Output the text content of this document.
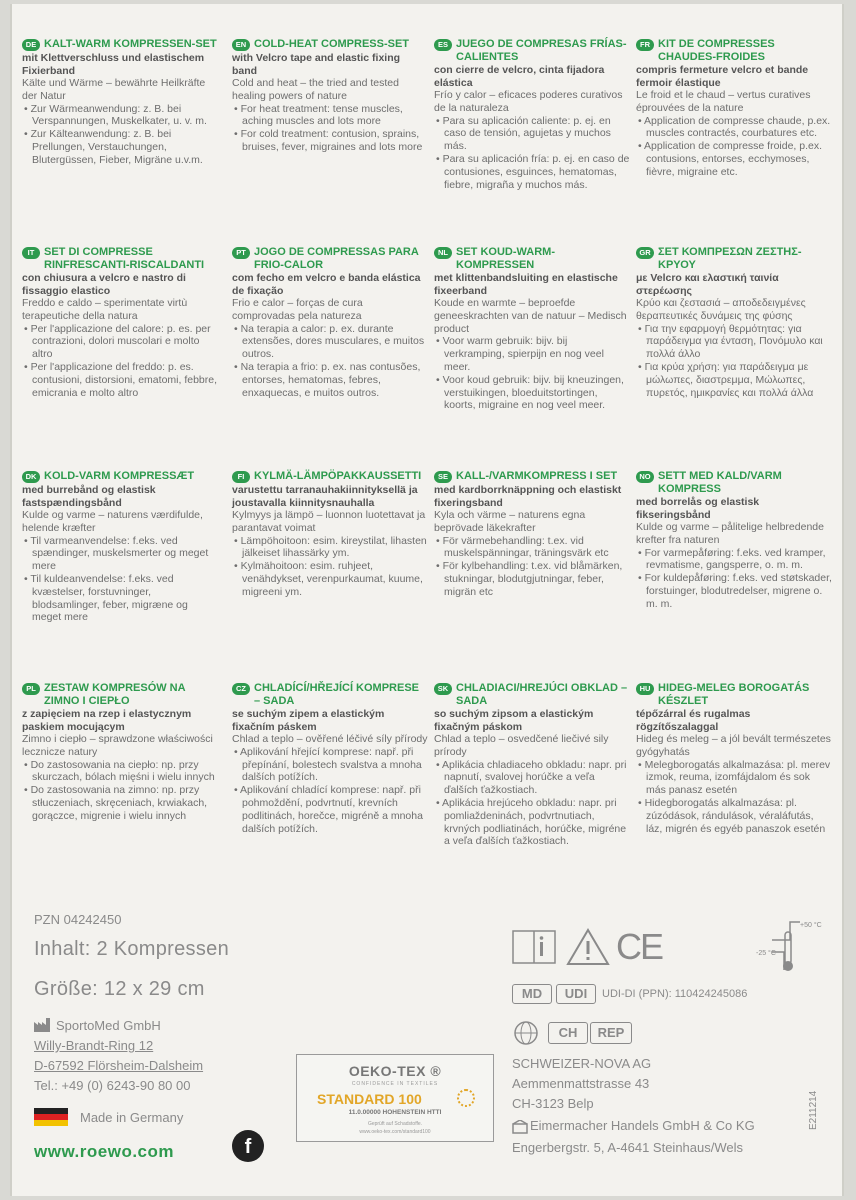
DE KALT-WARM KOMPRESSEN-SET
mit Klettverschluss und elastischem Fixierband
Kälte und Wärme – bewährte Heilkräfte der Natur
• Zur Wärmeanwendung: z. B. bei Verspannungen, Muskelkater, u. v. m.
• Zur Kälteanwendung: z. B. bei Prellungen, Verstauchungen, Blutergüssen, Fieber, Migräne u.v.m.
EN COLD-HEAT COMPRESS-SET
with Velcro tape and elastic fixing band
Cold and heat – the tried and tested healing powers of nature
• For heat treatment: tense muscles, aching muscles and lots more
• For cold treatment: contusion, sprains, bruises, fever, migraines and lots more
ES JUEGO DE COMPRESAS FRÍAS-CALIENTES
con cierre de velcro, cinta fijadora elástica
Frío y calor – eficaces poderes curativos de la naturaleza
• Para su aplicación caliente: p. ej. en caso de tensión, agujetas y muchos más.
• Para su aplicación fría: p. ej. en caso de contusiones, esguinces, hematomas, fiebre, migraña y muchos más.
FR KIT DE COMPRESSES CHAUDES-FROIDES
compris fermeture velcro et bande fermoir élastique
Le froid et le chaud – vertus curatives éprouvées de la nature
• Application de compresse chaude, p.ex. muscles contractés, courbatures etc.
• Application de compresse froide, p.ex. contusions, entorses, ecchymoses, fièvre, migraine etc.
IT SET DI COMPRESSE RINFRESCANTI-RISCALDANTI
con chiusura a velcro e nastro di fissaggio elastico
Freddo e caldo – sperimentate virtù terapeutiche della natura
• Per l'applicazione del calore: p. es. per contrazioni, dolori muscolari e molto altro
• Per l'applicazione del freddo: p. es. contusioni, distorsioni, ematomi, febbre, emicrania e molto altro
PT JOGO DE COMPRESSAS PARA FRIO-CALOR
com fecho em velcro e banda elástica de fixação
Frio e calor – forças de cura comprovadas pela natureza
• Na terapia a calor: p. ex. durante extensões, dores musculares, e muitos outros.
• Na terapia a frio: p. ex. nas contusões, entorses, hematomas, febres, enxaquecas, e muitos outros.
NL SET KOUD-WARM-KOMPRESSEN
met klittenbandsluiting en elastische fixeerband
Koude en warmte – beproefde geneeskrachten van de natuur – Medisch product
• Voor warm gebruik: bijv. bij verkramping, spierpijn en nog veel meer.
• Voor koud gebruik: bijv. bij kneuzingen, verstuikingen, bloeduitstortingen, koorts, migraine en nog veel meer.
GR ΣΕΤ ΚΟΜΠΡΕΣΩΝ ΖΕΣΤΗΣ-ΚΡΥΟΥ
με Velcro και ελαστική ταινία στερέωσης
Κρύο και ζεστασιά – αποδεδειγμένες θεραπευτικές δυνάμεις της φύσης
• Για την εφαρμογή θερμότητας: για παράδειγμα για ένταση, Πονόμυλο και πολλά άλλο
• Για κρύα χρήση: για παράδειγμα με μώλωπες, διαστρεμμα, Μώλωπες, πυρετός, ημικρανίες και πολλά άλλα
DK KOLD-VARM KOMPRESSÆT
med burrebånd og elastisk fastspændingsbånd
Kulde og varme – naturens værdifulde, helende kræfter
• Til varmeanvendelse: f.eks. ved spændinger, muskelsmerter og meget mere
• Til kuldeanvendelse: f.eks. ved kvæstelser, forstuvninger, blodsamlinger, feber, migræne og meget mere
FI KYLMÄ-LÄMPÖPAKKAUSSETTI
varustettu tarranauhakiinnityksellä ja joustavalla kiinnitysnauhalla
Kylmyys ja lämpö – luonnon luotettavat ja parantavat voimat
• Lämpöhoitoon: esim. kireystilat, lihasten jälkeiset lihassärky ym.
• Kylmähoitoon: esim. ruhjeet, venähdykset, verenpurkaumat, kuume, migreeni ym.
SE KALL-/VARMKOMPRESS I SET
med kardborrknäppning och elastiskt fixeringsband
Kyla och värme – naturens egna beprövade läkekrafter
• För värmebehandling: t.ex. vid muskelspänningar, träningsvärk etc
• För kylbehandling: t.ex. vid blåmärken, stukningar, blodutgjutningar, feber, migrän etc
NO SETT MED KALD/VARM KOMPRESS
med borrelås og elastisk fikseringsbånd
Kulde og varme – pålitelige helbredende krefter fra naturen
• For varmepåføring: f.eks. ved kramper, revmatisme, gangsperre, o. m. m.
• For kuldepåføring: f.eks. ved støtskader, forstuinger, blodutredelser, migrene o. m. m.
PL ZESTAW KOMPRESÓW NA ZIMNO I CIEPŁO
z zapięciem na rzep i elastycznym paskiem mocującym
Zimno i ciepło – sprawdzone właściwości lecznicze natury
• Do zastosowania na ciepło: np. przy skurczach, bólach mięśni i wielu innych
• Do zastosowania na zimno: np. przy stłuczeniach, skręceniach, krwiakach, gorączce, migrenie i wielu innych
CZ CHLADÍCÍ/HŘEJÍCÍ KOMPRESE – SADA
se suchým zipem a elastickým fixačním páskem
Chlad a teplo – ověřené léčivé síly přírody
• Aplikování hřející komprese: např. při přepínání, bolestech svalstva a mnoha dalších potížích.
• Aplikování chladící komprese: např. při pohmoždění, podvrtnutí, krevních podlitinách, horečce, migréně a mnoha dalších potížích.
SK CHLADIACI/HREJÚCI OBKLAD – SADA
so suchým zipsom a elastickým fixačným páskom
Chlad a teplo – osvedčené liečivé sily prírody
• Aplikácia chladiaceho obkladu: napr. pri napnutí, svalovej horúčke a veľa ďalších ťažkostiach.
• Aplikácia hrejúceho obkladu: napr. pri pomliaždeninách, podvrtnutiach, krvných podliatinách, horúčke, migréne a veľa ďalších ťažkostiach.
HU HIDEG-MELEG BOROGATÁS KÉSZLET
tépőzárral és rugalmas rögzítőszalaggal
Hideg és meleg – a jól bevált természetes gyógyhatás
• Melegborogatás alkalmazása: pl. merev izmok, reuma, izomfájdalom és sok más panasz esetén
• Hidegborogatás alkalmazása: pl. zúzódások, rándulások, véraláfutás, láz, migrén és egyéb panaszok esetén
PZN 04242450
Inhalt: 2 Kompressen
Größe: 12 x 29 cm
SportoMed GmbH
Willy-Brandt-Ring 12
D-67592 Flörsheim-Dalsheim
Tel.: +49 (0) 6243-90 80 00
Made in Germany
www.roewo.com	f
CE
+50 °C
-25 °C
MD	UDI	UDI-DI (PPN): 110424245086
CH	REP
SCHWEIZER-NOVA AG
Aemmenmattstrasse 43
CH-3123 Belp
Eimermacher Handels GmbH & Co KG
Engerbergstr. 5, A-4641 Steinhaus/Wels
E211214
OEKO-TEX ®
CONFIDENCE IN TEXTILES
STANDARD 100
11.0.00000 HOHENSTEIN HTTI
Geprüft auf Schadstoffe.
www.oeko-tex.com/standard100
